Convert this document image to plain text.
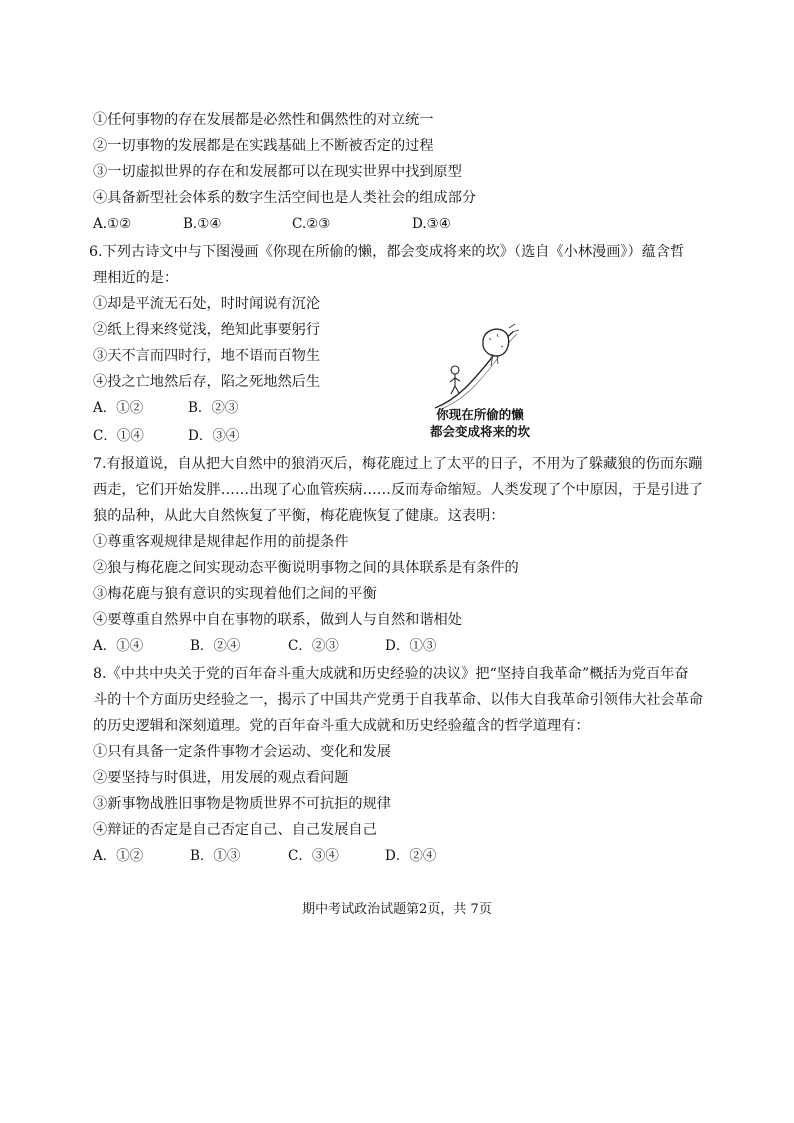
①任何事物的存在发展都是必然性和偶然性的对立统一
②一切事物的发展都是在实践基础上不断被否定的过程
③一切虚拟世界的存在和发展都可以在现实世界中找到原型
④具备新型社会体系的数字生活空间也是人类社会的组成部分
A.①②	B.①④	C.②③	D.③④
6.下列古诗文中与下图漫画《你现在所偷的懒，都会变成将来的坎》（选自《小林漫画》）蕴含哲
理相近的是：
①却是平流无石处，时时闻说有沉沦
②纸上得来终觉浅，绝知此事要躬行
③天不言而四时行，地不语而百物生
④投之亡地然后存，陷之死地然后生
A．①②	B．②③
C．①④	D．③④
你现在所偷的懒
都会变成将来的坎
7.有报道说，自从把大自然中的狼消灭后，梅花鹿过上了太平的日子，不用为了躲藏狼的伤而东蹦
西走，它们开始发胖……出现了心血管疾病……反而寿命缩短。人类发现了个中原因，于是引进了
狼的品种，从此大自然恢复了平衡，梅花鹿恢复了健康。这表明：
①尊重客观规律是规律起作用的前提条件
②狼与梅花鹿之间实现动态平衡说明事物之间的具体联系是有条件的
③梅花鹿与狼有意识的实现着他们之间的平衡
④要尊重自然界中自在事物的联系，做到人与自然和谐相处
A．①④	B．②④	C．②③	D．①③
8.《中共中央关于党的百年奋斗重大成就和历史经验的决议》把“坚持自我革命”概括为党百年奋
斗的十个方面历史经验之一，揭示了中国共产党勇于自我革命、以伟大自我革命引领伟大社会革命
的历史逻辑和深刻道理。党的百年奋斗重大成就和历史经验蕴含的哲学道理有：
①只有具备一定条件事物才会运动、变化和发展
②要坚持与时俱进，用发展的观点看问题
③新事物战胜旧事物是物质世界不可抗拒的规律
④辩证的否定是自己否定自己、自己发展自己
A．①②	B．①③	C．③④	D．②④
期中考试政治试题第2页，共 7页
